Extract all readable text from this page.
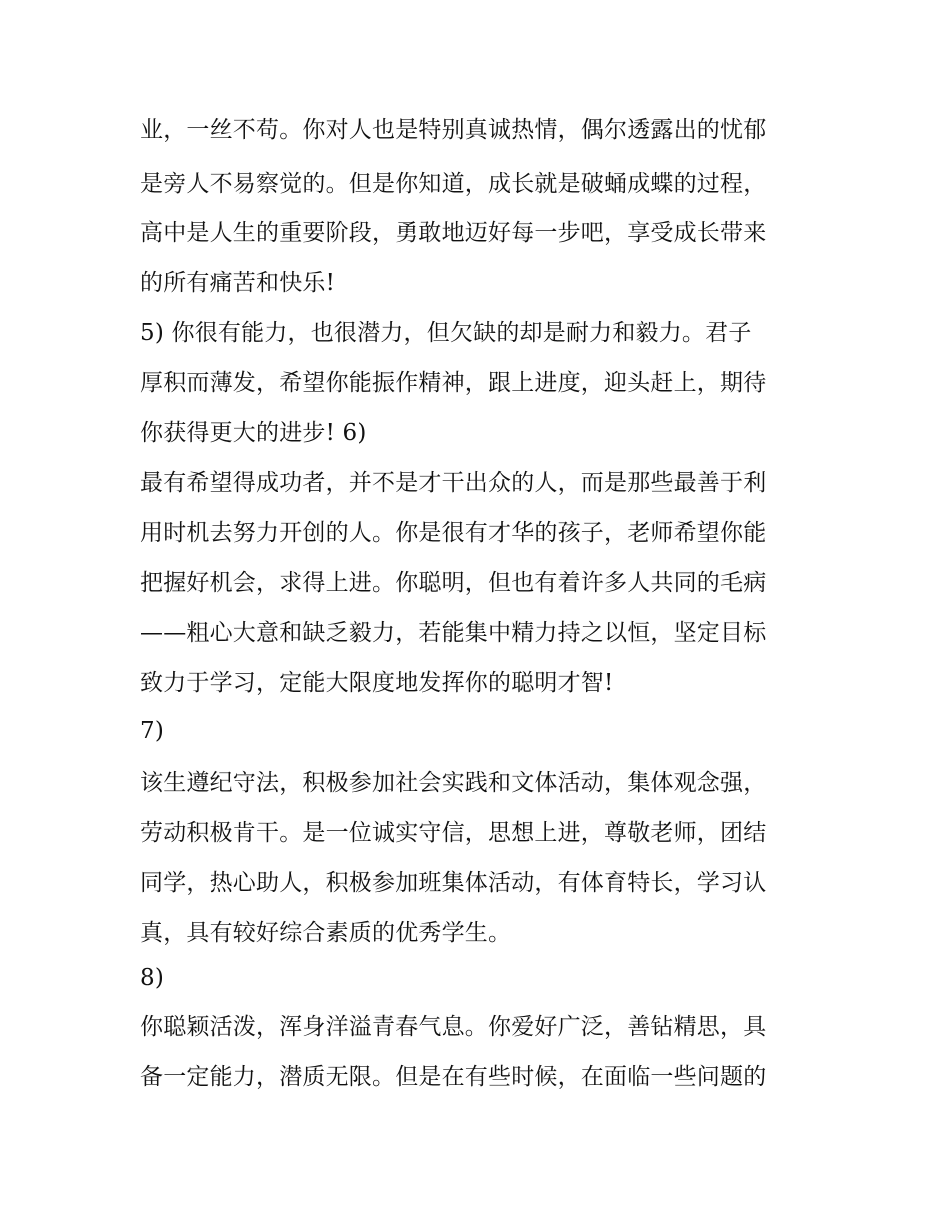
业，一丝不苟。你对人也是特别真诚热情，偶尔透露出的忧郁
是旁人不易察觉的。但是你知道，成长就是破蛹成蝶的过程，
高中是人生的重要阶段，勇敢地迈好每一步吧，享受成长带来
的所有痛苦和快乐!
5) 你很有能力，也很潜力，但欠缺的却是耐力和毅力。君子
厚积而薄发，希望你能振作精神，跟上进度，迎头赶上，期待
你获得更大的进步! 6)
最有希望得成功者，并不是才干出众的人，而是那些最善于利
用时机去努力开创的人。你是很有才华的孩子，老师希望你能
把握好机会，求得上进。你聪明，但也有着许多人共同的毛病
——粗心大意和缺乏毅力，若能集中精力持之以恒，坚定目标
致力于学习，定能大限度地发挥你的聪明才智!
7)
该生遵纪守法，积极参加社会实践和文体活动，集体观念强，
劳动积极肯干。是一位诚实守信，思想上进，尊敬老师，团结
同学，热心助人，积极参加班集体活动，有体育特长，学习认
真，具有较好综合素质的优秀学生。
8)
你聪颖活泼，浑身洋溢青春气息。你爱好广泛，善钻精思，具
备一定能力，潜质无限。但是在有些时候，在面临一些问题的
